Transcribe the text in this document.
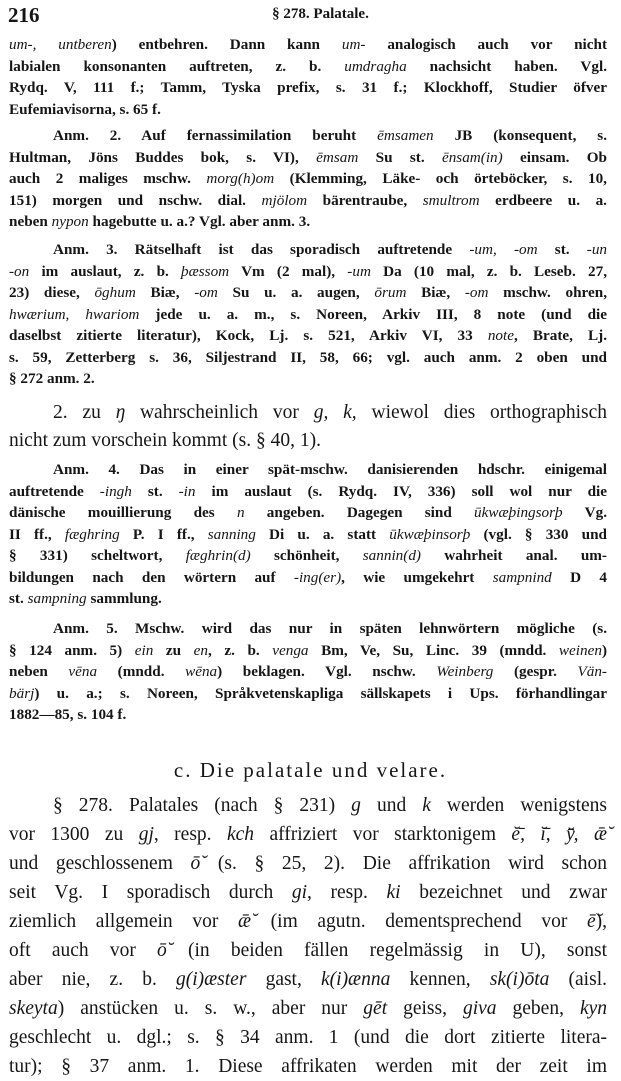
216	§ 278. Palatale.
c. Die palatale und velare.
um-, untberen) entbehren. Dann kann um- analogisch auch vor nicht
labialen konsonanten auftreten, z. b. umdragha nachsicht haben. Vgl.
Rydq. V, 111 f.; Tamm, Tyska prefix, s. 31 f.; Klockhoff, Studier öfver
Eufemiavisorna, s. 65 f.
Anm. 2. Auf fernassimilation beruht ēmsamen JB (konsequent, s.
Hultman, Jöns Buddes bok, s. VI), ēmsam Su st. ēnsam(in) einsam. Ob
auch 2 maliges mschw. morg(h)om (Klemming, Läke- och örteböcker, s. 10,
151) morgen und nschw. dial. mjölom bärentraube, smultrom erdbeere u. a.
neben nypon hagebutte u. a.? Vgl. aber anm. 3.
Anm. 3. Rätselhaft ist das sporadisch auftretende -um, -om st. -un
-on im auslaut, z. b. þæssom Vm (2 mal), -um Da (10 mal, z. b. Leseb. 27,
23) diese, ōghum Biæ, -om Su u. a. augen, ōrum Biæ, -om mschw. ohren,
hwærium, hwariom jede u. a. m., s. Noreen, Arkiv III, 8 note (und die
daselbst zitierte literatur), Kock, Lj. s. 521, Arkiv VI, 33 note, Brate, Lj.
s. 59, Zetterberg s. 36, Siljestrand II, 58, 66; vgl. auch anm. 2 oben und
§ 272 anm. 2.
2. zu ŋ wahrscheinlich vor g, k, wiewol dies orthographisch
nicht zum vorschein kommt (s. § 40, 1).
Anm. 4. Das in einer spät-mschw. danisierenden hdschr. einigemal
auftretende -ingh st. -in im auslaut (s. Rydq. IV, 336) soll wol nur die
dänische mouillierung des n angeben. Dagegen sind ūkwæþingsorþ Vg.
II ff., fæghring P. I ff., sanning Di u. a. statt ūkwæþinsorþ (vgl. § 330 und
§ 331) scheltwort, fæghrin(d) schönheit, sannin(d) wahrheit anal. um-
bildungen nach den wörtern auf -ing(er), wie umgekehrt sampnind D 4
st. sampning sammlung.
Anm. 5. Mschw. wird das nur in späten lehnwörtern mögliche (s.
§ 124 anm. 5) ein zu en, z. b. venga Bm, Ve, Su, Linc. 39 (mndd. weinen)
neben vēna (mndd. wēna) beklagen. Vgl. nschw. Weinberg (gespr. Vän-
bärj) u. a.; s. Noreen, Språkvetenskapliga sällskapets i Ups. förhandlingar
1882—85, s. 104 f.
§ 278. Palatales (nach § 231) g und k werden wenigstens
vor 1300 zu gj, resp. kch affriziert vor starktonigem ĕ̄, ĭ̄, y̆̄, ǣ̆
und geschlossenem ō̆ (s. § 25, 2). Die affrikation wird schon
seit Vg. I sporadisch durch gi, resp. ki bezeichnet und zwar
ziemlich allgemein vor ǣ̆ (im agutn. dementsprechend vor ē̆),
oft auch vor ō̆ (in beiden fällen regelmässig in U), sonst
aber nie, z. b. g(i)æster gast, k(i)ænna kennen, sk(i)ōta (aisl.
skeyta) anstücken u. s. w., aber nur gēt geiss, giva geben, kyn
geschlecht u. dgl.; s. § 34 anm. 1 (und die dort zitierte litera-
tur); § 37 anm. 1. Diese affrikaten werden mit der zeit im
